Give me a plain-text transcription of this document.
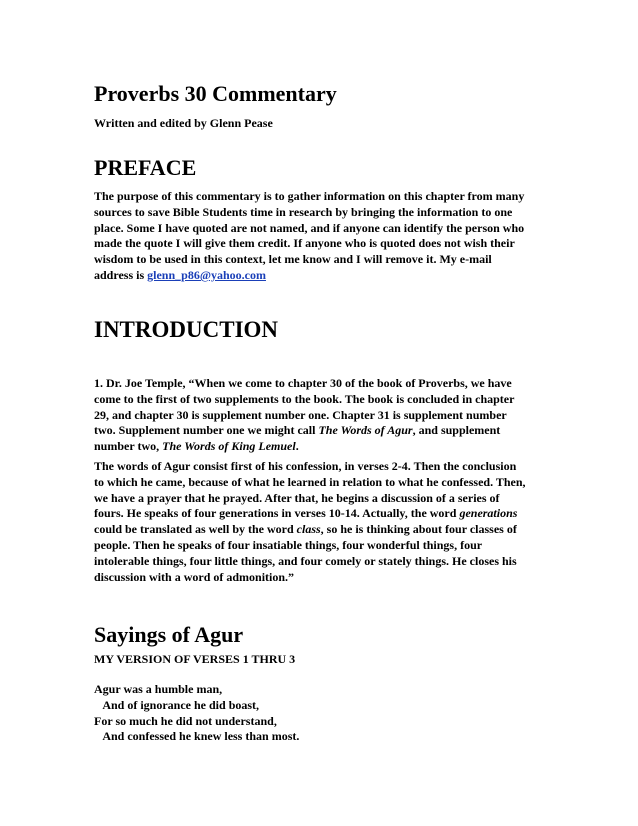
Proverbs 30 Commentary
Written and edited by Glenn Pease
PREFACE

The purpose of this commentary is to gather information on this chapter from many
sources to save Bible Students time in research by bringing the information to one
place. Some I have quoted are not named, and if anyone can identify the person who
made the quote I will give them credit. If anyone who is quoted does not wish their
wisdom to be used in this context, let me know and I will remove it. My e-mail
address is glenn_p86@yahoo.com

INTRODUCTION

1. Dr. Joe Temple, “When we come to chapter 30 of the book of Proverbs, we have
come to the first of two supplements to the book. The book is concluded in chapter
29, and chapter 30 is supplement number one. Chapter 31 is supplement number
two. Supplement number one we might call The Words of Agur, and supplement
number two, The Words of King Lemuel.

The words of Agur consist first of his confession, in verses 2-4. Then the conclusion
to which he came, because of what he learned in relation to what he confessed. Then,
we have a prayer that he prayed. After that, he begins a discussion of a series of
fours. He speaks of four generations in verses 10-14. Actually, the word generations
could be translated as well by the word class, so he is thinking about four classes of
people. Then he speaks of four insatiable things, four wonderful things, four
intolerable things, four little things, and four comely or stately things. He closes his
discussion with a word of admonition.”

Sayings of Agur
MY VERSION OF VERSES 1 THRU 3

Agur was a humble man,
And of ignorance he did boast,
For so much he did not understand,
And confessed he knew less than most.
